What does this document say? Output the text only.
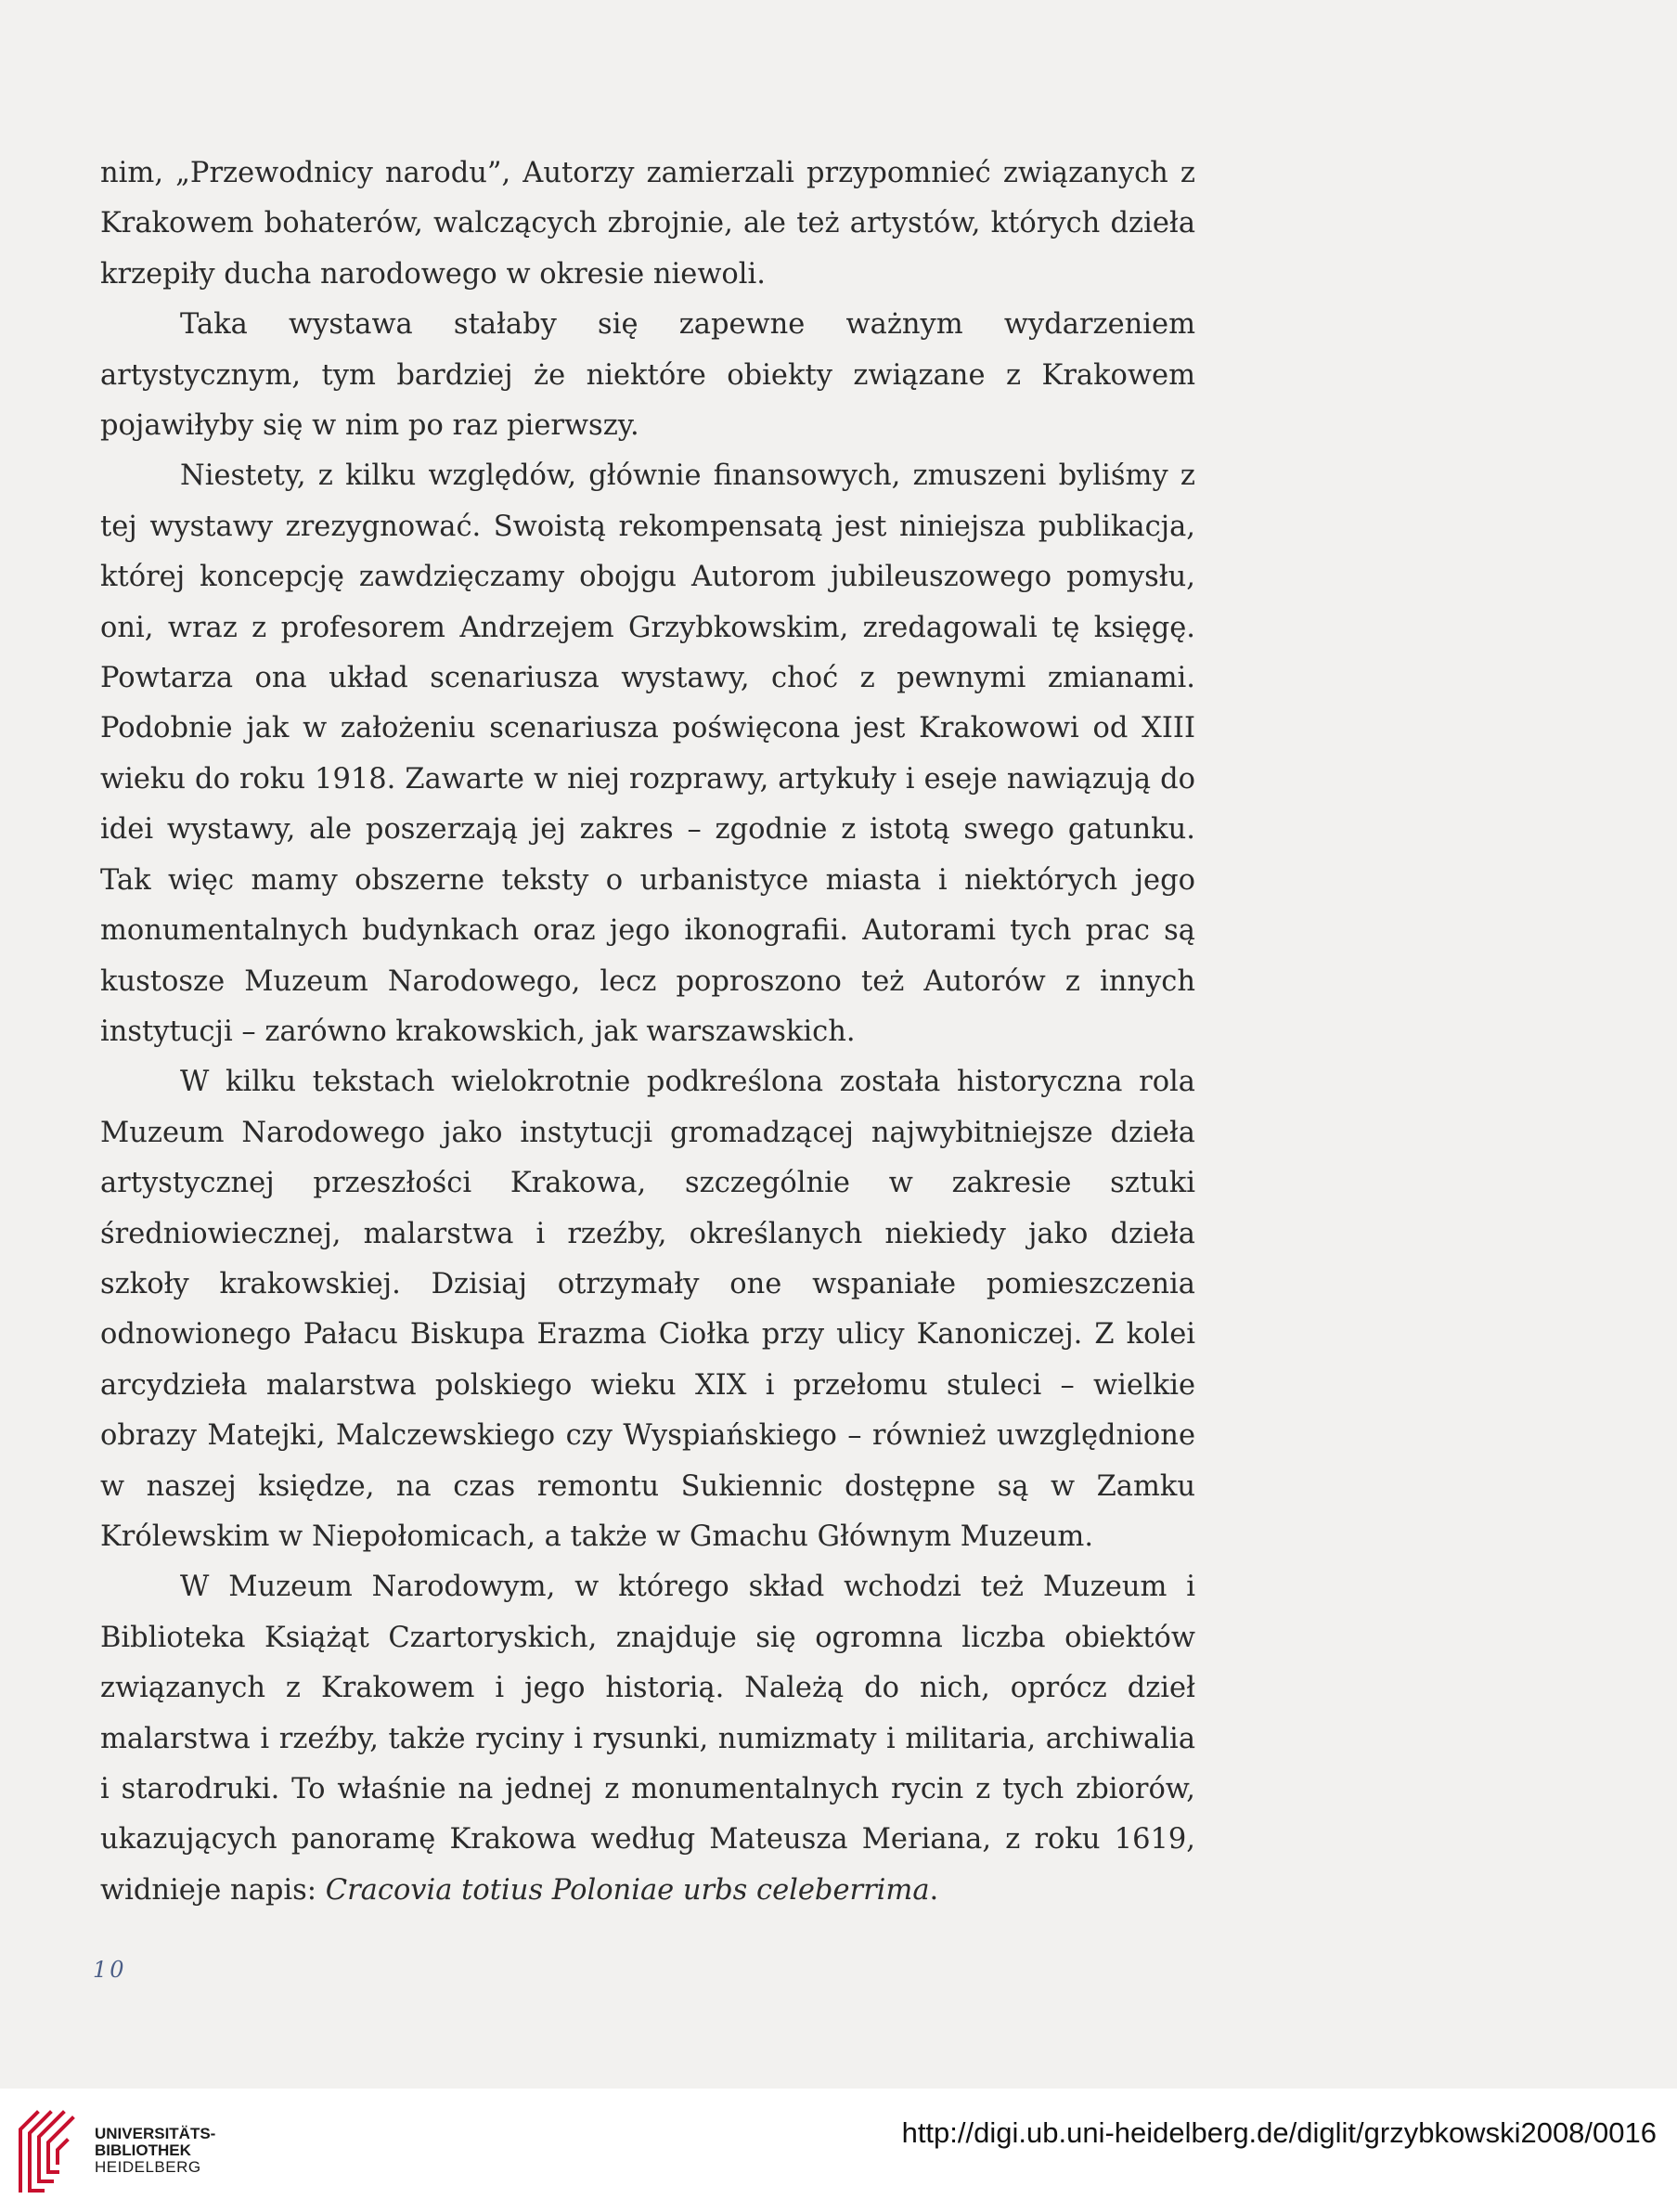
nim, „Przewodnicy narodu”, Autorzy zamierzali przypomnieć związanych z Krakowem bohaterów, walczących zbrojnie, ale też artystów, których dzieła krzepiły ducha narodowego w okresie niewoli.

Taka wystawa stałaby się zapewne ważnym wydarzeniem artystycznym, tym bardziej że niektóre obiekty związane z Krakowem pojawiłyby się w nim po raz pierwszy.

Niestety, z kilku względów, głównie finansowych, zmuszeni byliśmy z tej wystawy zrezygnować. Swoistą rekompensatą jest niniejsza publikacja, której koncepcję zawdzięczamy obojgu Autorom jubileuszowego pomysłu, oni, wraz z profesorem Andrzejem Grzybkowskim, zredagowali tę księgę. Powtarza ona układ scenariusza wystawy, choć z pewnymi zmianami. Podobnie jak w założeniu scenariusza poświęcona jest Krakowowi od XIII wieku do roku 1918. Zawarte w niej rozprawy, artykuły i eseje nawiązują do idei wystawy, ale poszerzają jej zakres – zgodnie z istotą swego gatunku. Tak więc mamy obszerne teksty o urbanistyce miasta i niektórych jego monumentalnych budynkach oraz jego ikonografii. Autorami tych prac są kustosze Muzeum Narodowego, lecz poproszono też Autorów z innych instytucji – zarówno krakowskich, jak warszawskich.

W kilku tekstach wielokrotnie podkreślona została historyczna rola Muzeum Narodowego jako instytucji gromadzącej najwybitniejsze dzieła artystycznej przeszłości Krakowa, szczególnie w zakresie sztuki średniowiecznej, malarstwa i rzeźby, określanych niekiedy jako dzieła szkoły krakowskiej. Dzisiaj otrzymały one wspaniałe pomieszczenia odnowionego Pałacu Biskupa Erazma Ciołka przy ulicy Kanoniczej. Z kolei arcydzieła malarstwa polskiego wieku XIX i przełomu stuleci – wielkie obrazy Matejki, Malczewskiego czy Wyspiańskiego – również uwzględnione w naszej księdze, na czas remontu Sukiennic dostępne są w Zamku Królewskim w Niepołomicach, a także w Gmachu Głównym Muzeum.

W Muzeum Narodowym, w którego skład wchodzi też Muzeum i Biblioteka Książąt Czartoryskich, znajduje się ogromna liczba obiektów związanych z Krakowem i jego historią. Należą do nich, oprócz dzieł malarstwa i rzeźby, także ryciny i rysunki, numizmaty i militaria, archiwalia i starodruki. To właśnie na jednej z monumentalnych rycin z tych zbiorów, ukazujących panoramę Krakowa według Mateusza Meriana, z roku 1619, widnieje napis: Cracovia totius Poloniae urbs celeberrima.

10
UNIVERSITÄTS-
BIBLIOTHEK
HEIDELBERG
http://digi.ub.uni-heidelberg.de/diglit/grzybkowski2008/0016
